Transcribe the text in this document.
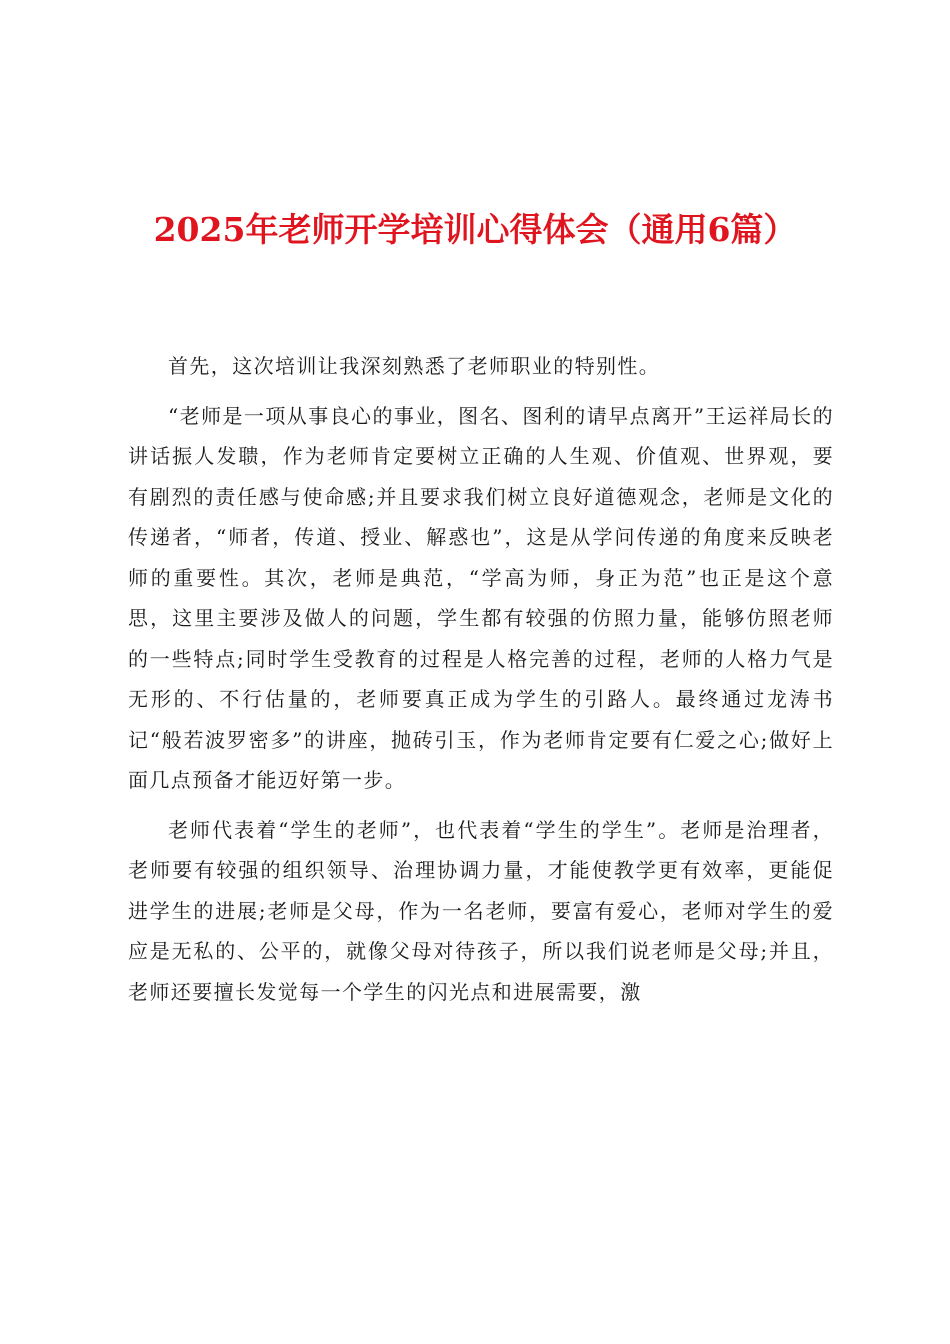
2025年老师开学培训心得体会（通用6篇）

首先，这次培训让我深刻熟悉了老师职业的特别性。

“老师是一项从事良心的事业，图名、图利的请早点离开”王运祥局长的讲话振人发聩，作为老师肯定要树立正确的人生观、价值观、世界观，要有剧烈的责任感与使命感;并且要求我们树立良好道德观念，老师是文化的传递者，“师者，传道、授业、解惑也”，这是从学问传递的角度来反映老师的重要性。其次，老师是典范，“学高为师，身正为范”也正是这个意思，这里主要涉及做人的问题，学生都有较强的仿照力量，能够仿照老师的一些特点;同时学生受教育的过程是人格完善的过程，老师的人格力气是无形的、不行估量的，老师要真正成为学生的引路人。最终通过龙涛书记“般若波罗密多”的讲座，抛砖引玉，作为老师肯定要有仁爱之心;做好上面几点预备才能迈好第一步。

老师代表着“学生的老师”，也代表着“学生的学生”。老师是治理者，老师要有较强的组织领导、治理协调力量，才能使教学更有效率，更能促进学生的进展;老师是父母，作为一名老师，要富有爱心，老师对学生的爱应是无私的、公平的，就像父母对待孩子，所以我们说老师是父母;并且，老师还要擅长发觉每一个学生的闪光点和进展需要，激
